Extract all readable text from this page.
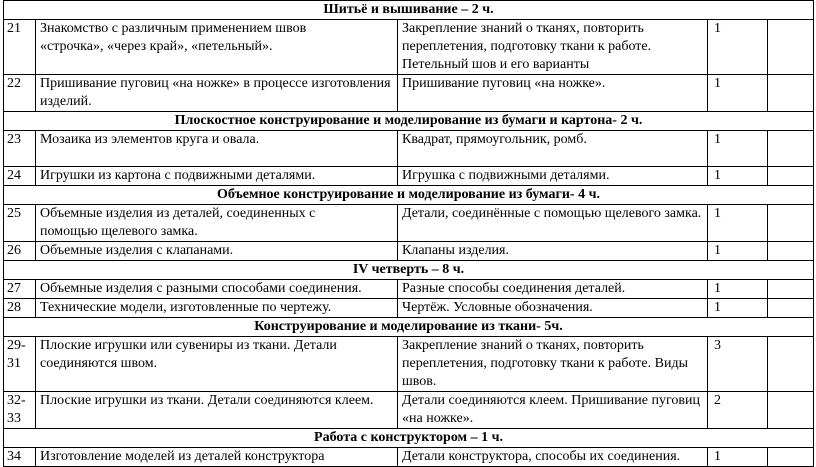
Шитьё и вышивание – 2 ч.				
21	Знакомство с различным применением швов «строчка», «через край», «петельный».	Закрепление знаний о тканях, повторить переплетения, подготовку ткани к работе. Петельный шов и его варианты	1	
22	Пришивание пуговиц «на ножке» в процессе изготовления изделий.	Пришивание пуговиц «на ножке».	1	
Плоскостное конструирование и моделирование из бумаги и картона- 2 ч.				
23	Мозаика из элементов круга и овала.	Квадрат, прямоугольник, ромб.	1	
24	Игрушки из картона с подвижными деталями.	Игрушка с подвижными деталями.	1	
Объемное конструирование и моделирование из бумаги- 4 ч.				
25	Объемные изделия из деталей, соединенных с помощью щелевого замка.	Детали, соединённые с помощью щелевого замка.	1	
26	Объемные изделия с клапанами.	Клапаны изделия.	1	
IV четверть – 8 ч.				
27	Объемные изделия с разными способами соединения.	Разные способы соединения деталей.	1	
28	Технические модели, изготовленные по чертежу.	Чертёж. Условные обозначения.	1	
Конструирование и моделирование из ткани- 5ч.				
29-31	Плоские игрушки или сувениры из ткани. Детали соединяются швом.	Закрепление знаний о тканях, повторить переплетения, подготовку ткани к работе. Виды швов.	3	
32-33	Плоские игрушки из ткани. Детали соединяются клеем.	Детали соединяются клеем. Пришивание пуговиц «на ножке».	2	
Работа с конструктором – 1 ч.				
34	Изготовление моделей из деталей конструктора	Детали конструктора, способы их соединения.	1	
